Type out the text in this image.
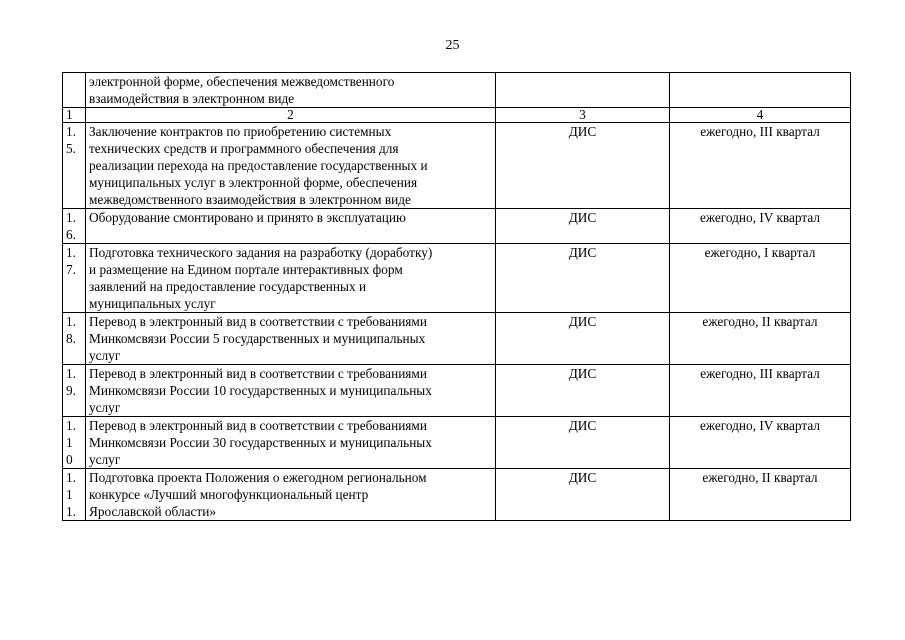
25

	электронной форме, обеспечения межведомственного
взаимодействия в электронном виде		

1	2	3	4

1.
5.	Заключение контрактов по приобретению системных
технических средств и программного обеспечения для
реализации перехода на предоставление государственных и
муниципальных услуг в электронной форме, обеспечения
межведомственного взаимодействия в электронном виде	ДИС	ежегодно, III квартал

1.
6.	Оборудование смонтировано и принято в эксплуатацию	ДИС	ежегодно, IV квартал

1.
7.	Подготовка технического задания на разработку (доработку)
и размещение на Едином портале интерактивных форм
заявлений на предоставление государственных и
муниципальных услуг	ДИС	ежегодно, I квартал

1.
8.	Перевод в электронный вид в соответствии с требованиями
Минкомсвязи России 5 государственных и муниципальных
услуг	ДИС	ежегодно, II квартал

1.
9.	Перевод в электронный вид в соответствии с требованиями
Минкомсвязи России 10 государственных и муниципальных
услуг	ДИС	ежегодно, III квартал

1.
1
0	Перевод в электронный вид в соответствии с требованиями
Минкомсвязи России 30 государственных и муниципальных
услуг	ДИС	ежегодно, IV квартал

1.
1
1.	Подготовка проекта Положения о ежегодном региональном
конкурсе «Лучший многофункциональный центр
Ярославской области»	ДИС	ежегодно, II квартал
